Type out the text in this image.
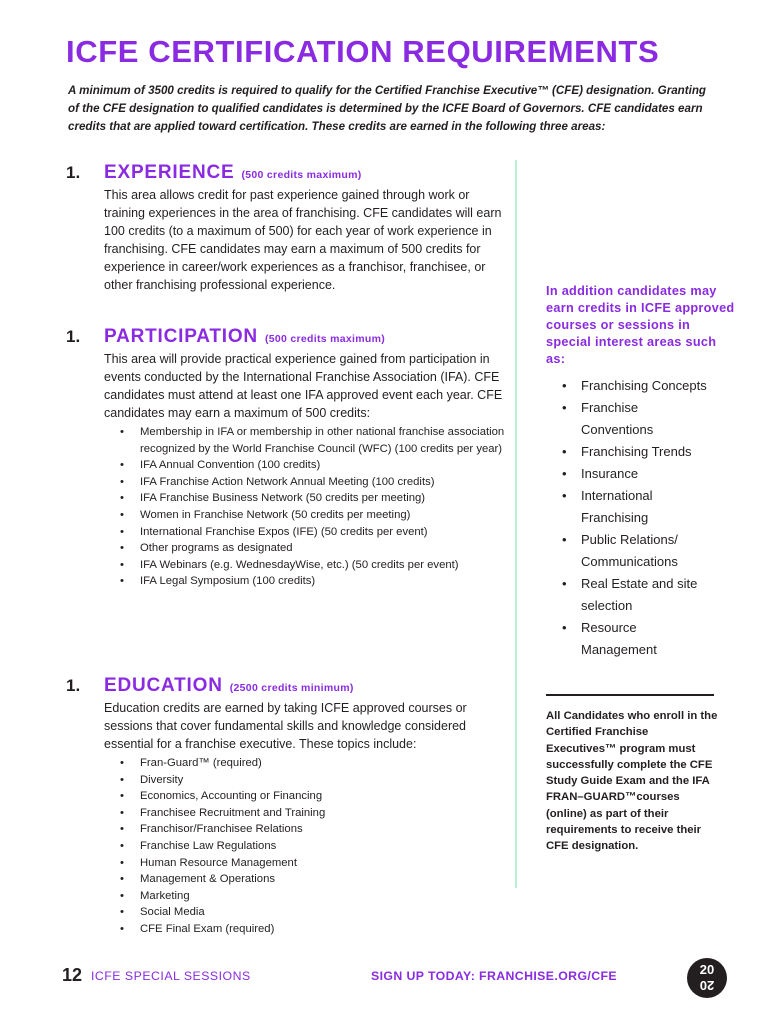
ICFE CERTIFICATION REQUIREMENTS

A minimum of 3500 credits is required to qualify for the Certified Franchise Executive™ (CFE) designation. Granting of the CFE designation to qualified candidates is determined by the ICFE Board of Governors. CFE candidates earn credits that are applied toward certification. These credits are earned in the following three areas:

1.	EXPERIENCE (500 credits maximum)

This area allows credit for past experience gained through work or training experiences in the area of franchising. CFE candidates will earn 100 credits (to a maximum of 500) for each year of work experience in franchising. CFE candidates may earn a maximum of 500 credits for experience in career/work experiences as a franchisor, franchisee, or other franchising professional experience.

1.	PARTICIPATION (500 credits maximum)

This area will provide practical experience gained from participation in events conducted by the International Franchise Association (IFA). CFE candidates must attend at least one IFA approved event each year. CFE candidates may earn a maximum of 500 credits:

• Membership in IFA or membership in other national franchise association recognized by the World Franchise Council (WFC) (100 credits per year)
• IFA Annual Convention (100 credits)
• IFA Franchise Action Network Annual Meeting (100 credits)
• IFA Franchise Business Network (50 credits per meeting)
• Women in Franchise Network (50 credits per meeting)
• International Franchise Expos (IFE) (50 credits per event)
• Other programs as designated
• IFA Webinars (e.g. WednesdayWise, etc.) (50 credits per event)
• IFA Legal Symposium (100 credits)
1.	EDUCATION (2500 credits minimum)

Education credits are earned by taking ICFE approved courses or sessions that cover fundamental skills and knowledge considered essential for a franchise executive. These topics include:

• Fran-Guard™ (required)
• Diversity
• Economics, Accounting or Financing
• Franchisee Recruitment and Training
• Franchisor/Franchisee Relations
• Franchise Law Regulations
• Human Resource Management
• Management & Operations
• Marketing
• Social Media
• CFE Final Exam (required)

In addition candidates may earn credits in ICFE approved courses or sessions in special interest areas such as:

• Franchising Concepts
• Franchise Conventions
• Franchising Trends
• Insurance
• International Franchising
• Public Relations/ Communications
• Real Estate and site selection
• Resource Management

All Candidates who enroll in the Certified Franchise Executives™ program must successfully complete the CFE Study Guide Exam and the IFA FRAN–GUARD™courses (online) as part of their requirements to receive their CFE designation.

12 ICFE SPECIAL SESSIONS	SIGN UP TODAY: FRANCHISE.ORG/CFE	20
20
